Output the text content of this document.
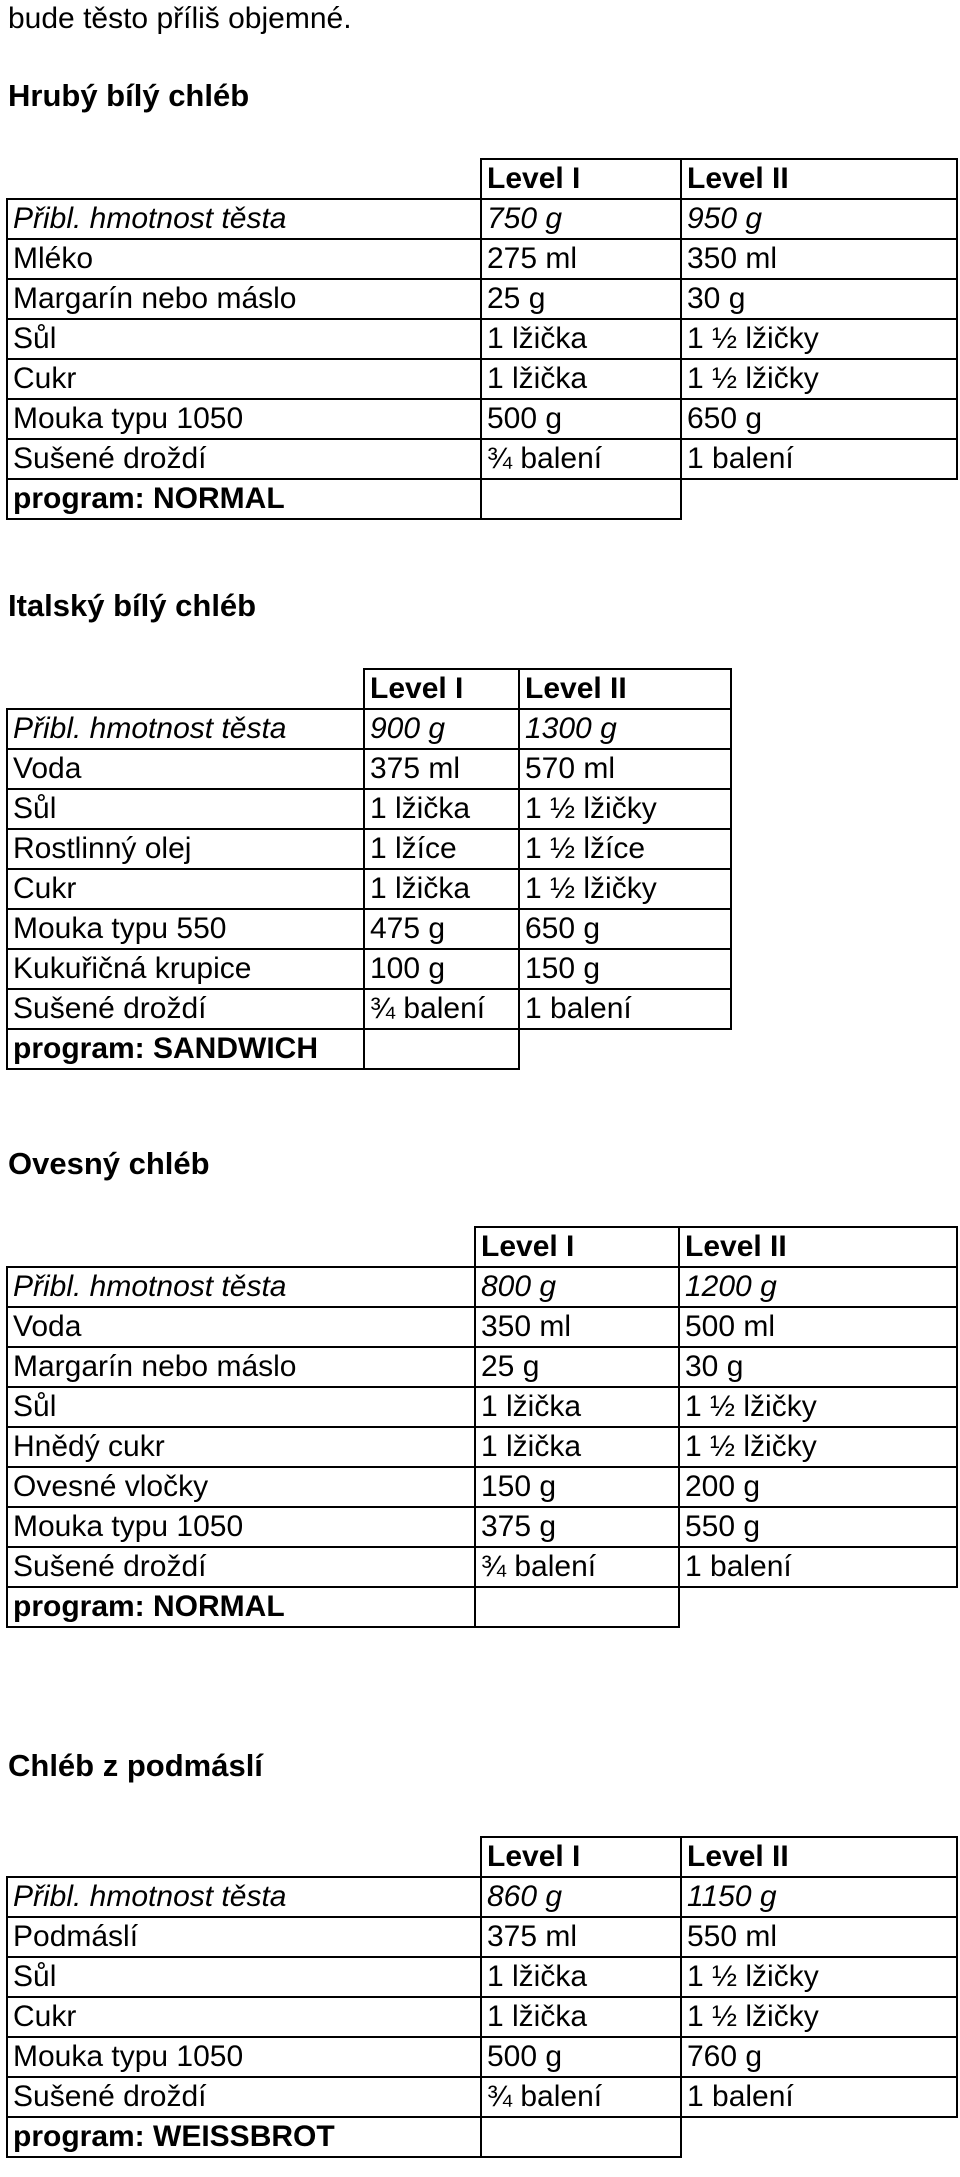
bude těsto příliš objemné.

Hrubý bílý chléb
	Level I	Level II
Přibl. hmotnost těsta	750 g	950 g
Mléko	275 ml	350 ml
Margarín nebo máslo	25 g	30 g
Sůl	1 lžička	1 ½ lžičky
Cukr	1 lžička	1 ½ lžičky
Mouka typu 1050	500 g	650 g
Sušené droždí	¾ balení	1 balení
program: NORMAL		
Italský bílý chléb
	Level I	Level II
Přibl. hmotnost těsta	900 g	1300 g
Voda	375 ml	570 ml
Sůl	1 lžička	1 ½ lžičky
Rostlinný olej	1 lžíce	1 ½ lžíce
Cukr	1 lžička	1 ½ lžičky
Mouka typu 550	475 g	650 g
Kukuřičná krupice	100 g	150 g
Sušené droždí	¾ balení	1 balení
program: SANDWICH		
Ovesný chléb
	Level I	Level II
Přibl. hmotnost těsta	800 g	1200 g
Voda	350 ml	500 ml
Margarín nebo máslo	25 g	30 g
Sůl	1 lžička	1 ½ lžičky
Hnědý cukr	1 lžička	1 ½ lžičky
Ovesné vločky	150 g	200 g
Mouka typu 1050	375 g	550 g
Sušené droždí	¾ balení	1 balení
program: NORMAL		
Chléb z podmáslí
	Level I	Level II
Přibl. hmotnost těsta	860 g	1150 g
Podmáslí	375 ml	550 ml
Sůl	1 lžička	1 ½ lžičky
Cukr	1 lžička	1 ½ lžičky
Mouka typu 1050	500 g	760 g
Sušené droždí	¾ balení	1 balení
program: WEISSBROT		
